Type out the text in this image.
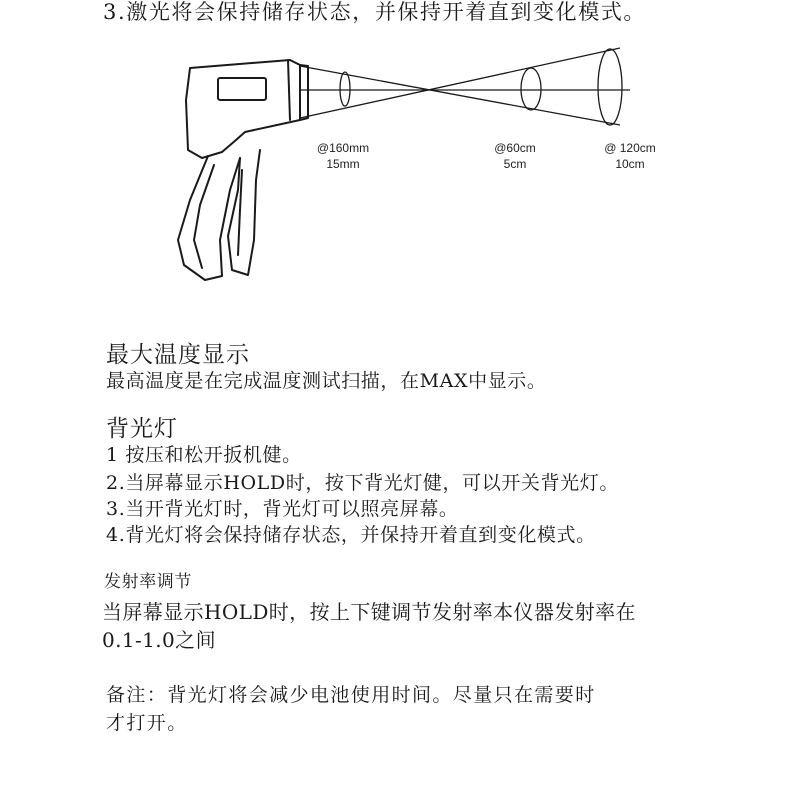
3.激光将会保持储存状态，并保持开着直到变化模式。
@160mm
15mm
@60cm
5cm
@ 120cm
10cm
最大温度显示
最高温度是在完成温度测试扫描，在MAX中显示。
背光灯
1 按压和松开扳机健。
2.当屏幕显示HOLD时，按下背光灯健，可以开关背光灯。
3.当开背光灯时，背光灯可以照亮屏幕。
4.背光灯将会保持储存状态，并保持开着直到变化模式。
发射率调节
当屏幕显示HOLD时，按上下键调节发射率本仪器发射率在
0.1-1.0之间
备注：背光灯将会减少电池使用时间。尽量只在需要时
才打开。
